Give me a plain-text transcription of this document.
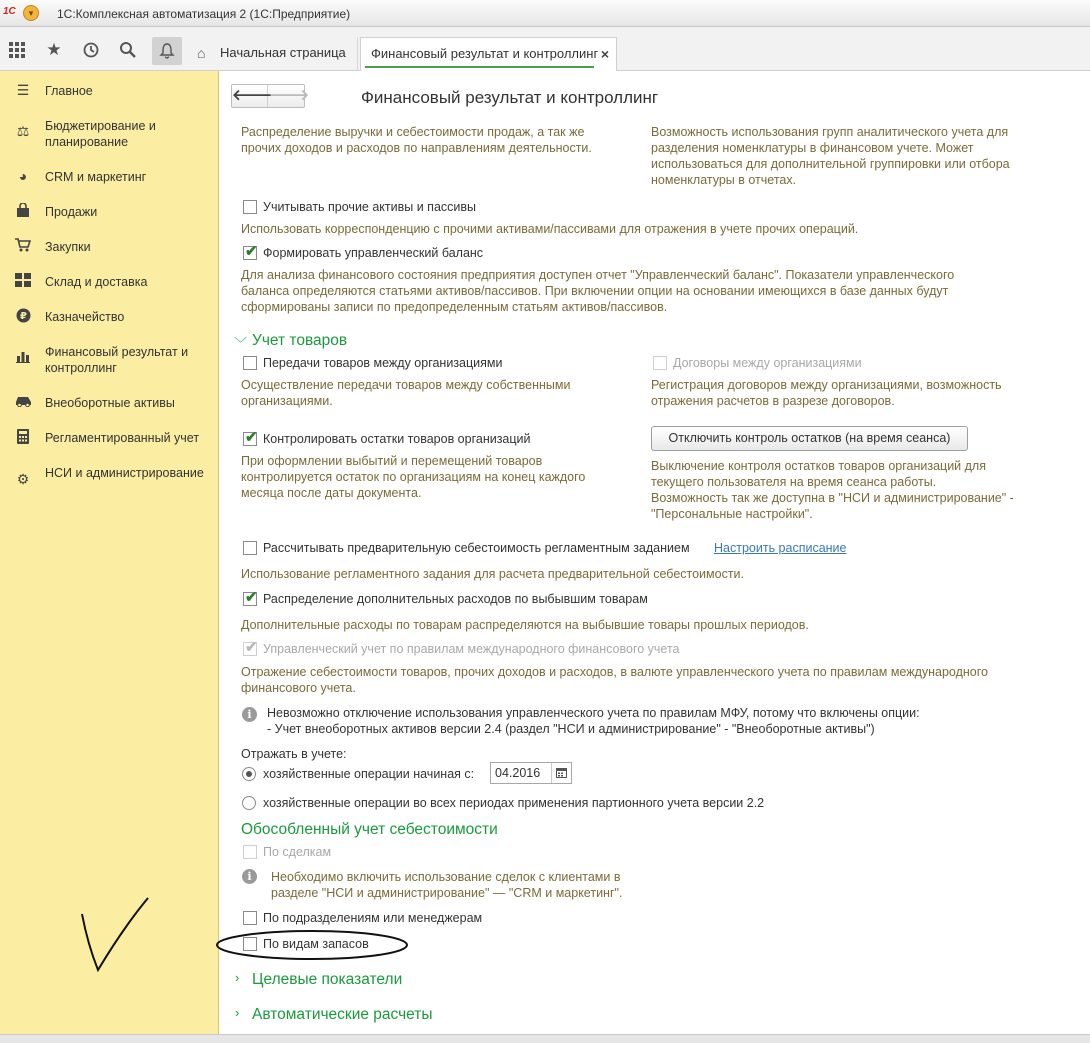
1С	▾	1С:Комплексная автоматизация 2 (1С:Предприятие)
★	⌂ Начальная страница Финансовый результат и контроллинг ×
☰ Главное
⚖ Бюджетирование и планирование
◕	CRM и маркетинг
Продажи
Закупки
Склад и доставка
₽ Казначейство
Финансовый результат и контроллинг
Внеоборотные активы
Регламентированный учет
⚙ НСИ и администрирование
🡐
🡒	Финансовый результат и контроллинг
Распределение выручки и себестоимости продаж, а так же прочих доходов и расходов по направлениям деятельности.
Возможность использования групп аналитического учета для разделения номенклатуры в финансовом учете. Может использоваться для дополнительной группировки или отбора номенклатуры в отчетах.
Учитывать прочие активы и пассивы
Использовать корреспонденцию с прочими активами/пассивами для отражения в учете прочих операций.
✔ Формировать управленческий баланс
Для анализа финансового состояния предприятия доступен отчет "Управленческий баланс". Показатели управленческого баланса определяются статьями активов/пассивов. При включении опции на основании имеющихся в базе данных будут сформированы записи по предопределенным статьям активов/пассивов.
﹀ Учет товаров
Передачи товаров между организациями
Осуществление передачи товаров между собственными организациями.
Договоры между организациями
Регистрация договоров между организациями, возможность отражения расчетов в разрезе договоров.
✔ Контролировать остатки товаров организаций
При оформлении выбытий и перемещений товаров контролируется остаток по организациям на конец каждого месяца после даты документа.
Отключить контроль остатков (на время сеанса)
Выключение контроля остатков товаров организаций для текущего пользователя на время сеанса работы.
Возможность так же доступна в "НСИ и администрирование" - "Персональные настройки".
Рассчитывать предварительную себестоимость регламентным заданием Настроить расписание
Использование регламентного задания для расчета предварительной себестоимости.
✔ Распределение дополнительных расходов по выбывшим товарам
Дополнительные расходы по товарам распределяются на выбывшие товары прошлых периодов.
✔ Управленческий учет по правилам международного финансового учета
Отражение себестоимости товаров, прочих доходов и расходов, в валюте управленческого учета по правилам международного финансового учета.
i	Невозможно отключение использования управленческого учета по правилам МФУ, потому что включены опции:
- Учет внеоборотных активов версии 2.4 (раздел "НСИ и администрирование" - "Внеоборотные активы")
Отражать в учете:
хозяйственные операции начиная с: 04.2016
хозяйственные операции во всех периодах применения партионного учета версии 2.2
Обособленный учет себестоимости
По сделкам
i	Необходимо включить использование сделок с клиентами в разделе "НСИ и администрирование" — "CRM и маркетинг".
По подразделениям или менеджерам
По видам запасов
› Целевые показатели
› Автоматические расчеты
